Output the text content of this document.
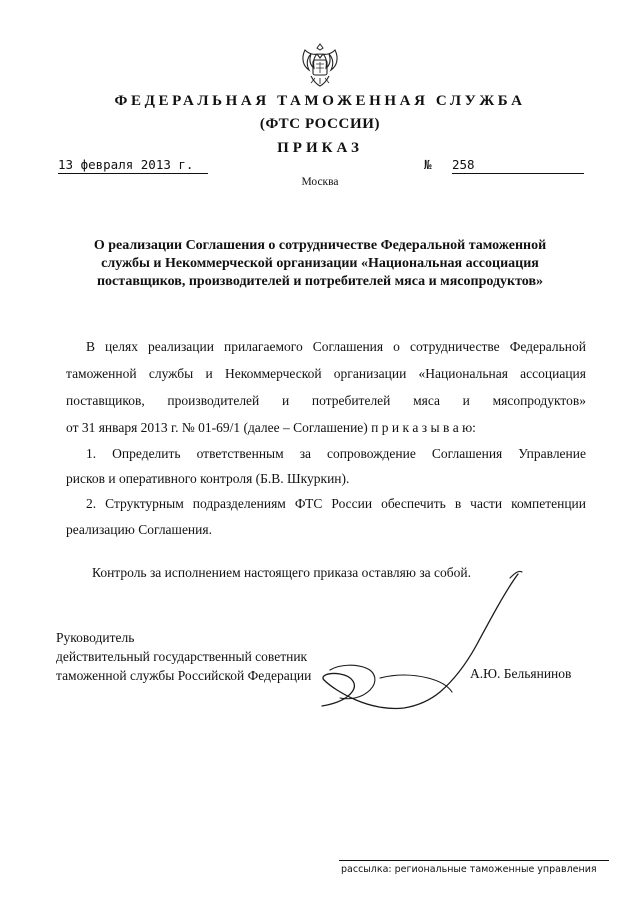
ФЕДЕРАЛЬНАЯ ТАМОЖЕННАЯ СЛУЖБА
(ФТС РОССИИ)
ПРИКАЗ
13 февраля 2013 г.	№ 258
Москва
О реализации Соглашения о сотрудничестве Федеральной таможенной
службы и Некоммерческой организации «Национальная ассоциация
поставщиков, производителей и потребителей мяса и мясопродуктов»
В целях реализации прилагаемого Соглашения о сотрудничестве Федеральной
таможенной службы и Некоммерческой организации «Национальная ассоциация
поставщиков, производителей и потребителей мяса и мясопродуктов»
от 31 января 2013 г. № 01-69/1 (далее – Соглашение) п р и к а з ы в а ю:
1. Определить ответственным за сопровождение Соглашения Управление
рисков и оперативного контроля (Б.В. Шкуркин).
2. Структурным подразделениям ФТС России обеспечить в части компетенции
реализацию Соглашения.
Контроль за исполнением настоящего приказа оставляю за собой.
Руководитель
действительный государственный советник
таможенной службы Российской Федерации	А.Ю. Бельянинов
рассылка: региональные таможенные управления
